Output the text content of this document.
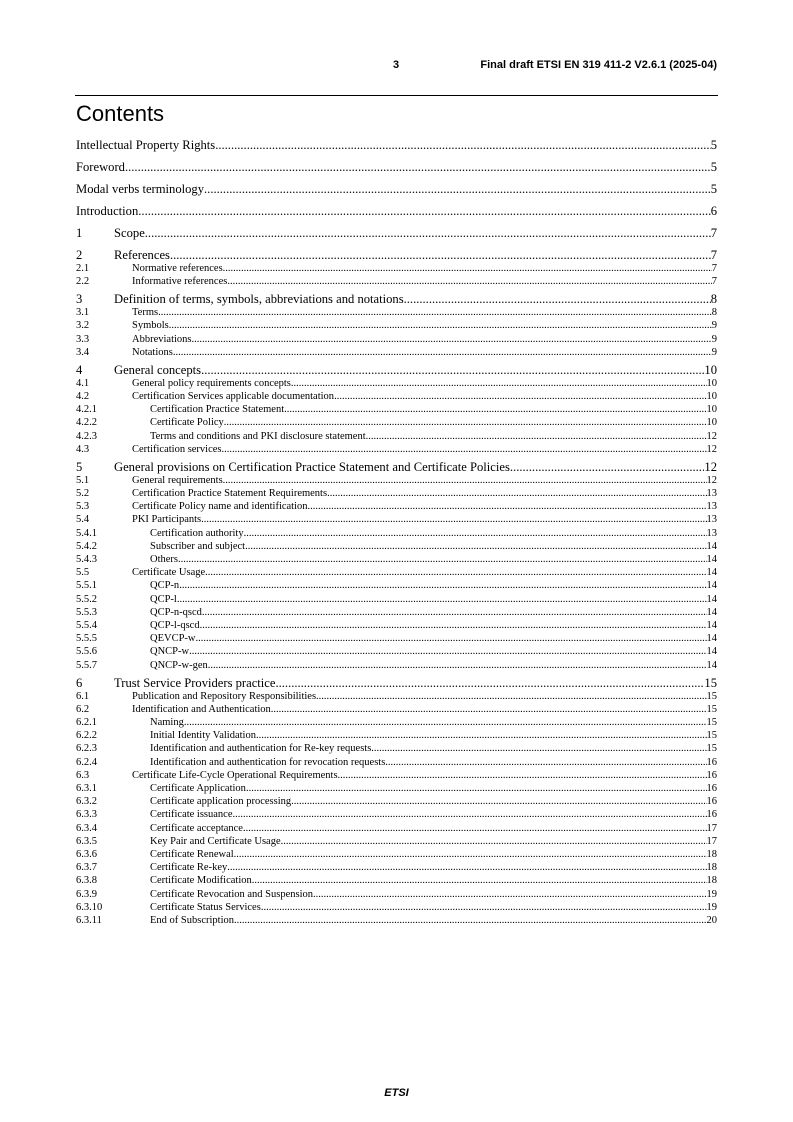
3	Final draft ETSI EN 319 411-2 V2.6.1 (2025-04)
Contents
Intellectual Property Rights .....	5
Foreword .....	5
Modal verbs terminology .....	5
Introduction .....	6
1	Scope .....	7
2	References .....	7
2.1	Normative references .....	7
2.2	Informative references .....	7
3	Definition of terms, symbols, abbreviations and notations .....	8
3.1	Terms .....	8
3.2	Symbols .....	9
3.3	Abbreviations .....	9
3.4	Notations .....	9
4	General concepts .....	10
4.1	General policy requirements concepts .....	10
4.2	Certification Services applicable documentation .....	10
4.2.1	Certification Practice Statement .....	10
4.2.2	Certificate Policy .....	10
4.2.3	Terms and conditions and PKI disclosure statement .....	12
4.3	Certification services .....	12
5	General provisions on Certification Practice Statement and Certificate Policies .....	12
5.1	General requirements .....	12
5.2	Certification Practice Statement Requirements .....	13
5.3	Certificate Policy name and identification .....	13
5.4	PKI Participants .....	13
5.4.1	Certification authority .....	13
5.4.2	Subscriber and subject .....	14
5.4.3	Others .....	14
5.5	Certificate Usage .....	14
5.5.1	QCP-n .....	14
5.5.2	QCP-l .....	14
5.5.3	QCP-n-qscd .....	14
5.5.4	QCP-l-qscd .....	14
5.5.5	QEVCP-w .....	14
5.5.6	QNCP-w .....	14
5.5.7	QNCP-w-gen .....	14
6	Trust Service Providers practice .....	15
6.1	Publication and Repository Responsibilities .....	15
6.2	Identification and Authentication .....	15
6.2.1	Naming .....	15
6.2.2	Initial Identity Validation .....	15
6.2.3	Identification and authentication for Re-key requests .....	15
6.2.4	Identification and authentication for revocation requests .....	16
6.3	Certificate Life-Cycle Operational Requirements .....	16
6.3.1	Certificate Application .....	16
6.3.2	Certificate application processing .....	16
6.3.3	Certificate issuance .....	16
6.3.4	Certificate acceptance .....	17
6.3.5	Key Pair and Certificate Usage .....	17
6.3.6	Certificate Renewal .....	18
6.3.7	Certificate Re-key .....	18
6.3.8	Certificate Modification .....	18
6.3.9	Certificate Revocation and Suspension .....	19
6.3.10	Certificate Status Services .....	19
6.3.11	End of Subscription .....	20
ETSI
